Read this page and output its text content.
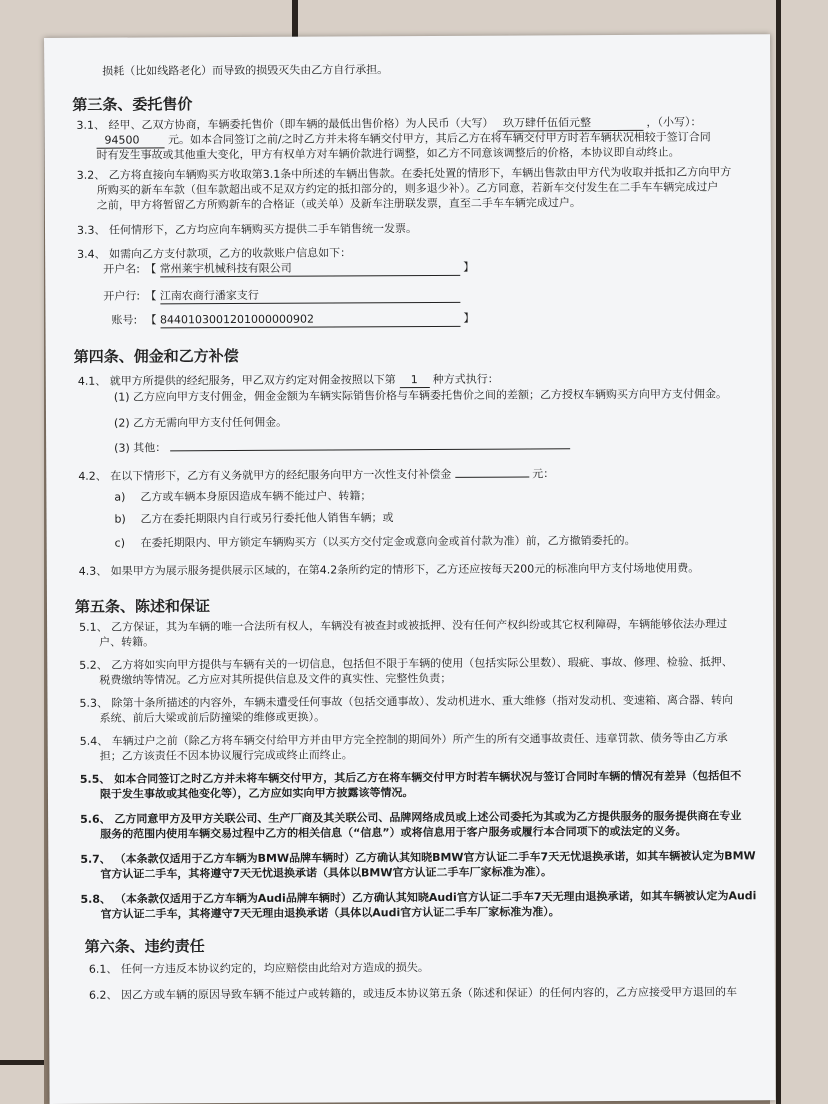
损耗（比如线路老化）而导致的损毁灭失由乙方自行承担。
第三条、委托售价
3.1、 经甲、乙双方协商，车辆委托售价（即车辆的最低出售价格）为人民币（大写） 玖万肆仟伍佰元整	，（小写）：
94500	元。如本合同签订之前/之时乙方并未将车辆交付甲方，其后乙方在将车辆交付甲方时若车辆状况相较于签订合同
时有发生事故或其他重大变化，甲方有权单方对车辆价款进行调整，如乙方不同意该调整后的价格，本协议即自动终止。
3.2、 乙方将直接向车辆购买方收取第3.1条中所述的车辆出售款。在委托处置的情形下，车辆出售款由甲方代为收取并抵扣乙方向甲方
所购买的新车车款（但车款超出或不足双方约定的抵扣部分的，则多退少补）。乙方同意，若新车交付发生在二手车车辆完成过户
之前，甲方将暂留乙方所购新车的合格证（或关单）及新车注册联发票，直至二手车车辆完成过户。
3.3、 任何情形下，乙方均应向车辆购买方提供二手车销售统一发票。
3.4、 如需向乙方支付款项，乙方的收款账户信息如下：
开户名: 【 常州莱宇机械科技有限公司	】
开户行: 【 江南农商行潘家支行
账号: 【 8440103001201000000902	】
第四条、佣金和乙方补偿
4.1、 就甲方所提供的经纪服务，甲乙双方约定对佣金按照以下第 1 种方式执行：
(1) 乙方应向甲方支付佣金，佣金金额为车辆实际销售价格与车辆委托售价之间的差额；乙方授权车辆购买方向甲方支付佣金。
(2) 乙方无需向甲方支付任何佣金。
(3) 其他：
4.2、 在以下情形下，乙方有义务就甲方的经纪服务向甲方一次性支付补偿金	元：
a) 乙方或车辆本身原因造成车辆不能过户、转籍；
b) 乙方在委托期限内自行或另行委托他人销售车辆；或
c) 在委托期限内、甲方锁定车辆购买方（以买方交付定金或意向金或首付款为准）前，乙方撤销委托的。
4.3、 如果甲方为展示服务提供展示区域的，在第4.2条所约定的情形下，乙方还应按每天200元的标准向甲方支付场地使用费。
第五条、陈述和保证
5.1、 乙方保证，其为车辆的唯一合法所有权人，车辆没有被查封或被抵押、没有任何产权纠纷或其它权利障碍，车辆能够依法办理过
户、转籍。
5.2、 乙方将如实向甲方提供与车辆有关的一切信息，包括但不限于车辆的使用（包括实际公里数）、瑕疵、事故、修理、检验、抵押、
税费缴纳等情况。乙方应对其所提供信息及文件的真实性、完整性负责；
5.3、 除第十条所描述的内容外，车辆未遭受任何事故（包括交通事故）、发动机进水、重大维修（指对发动机、变速箱、离合器、转向
系统、前后大梁或前后防撞梁的维修或更换）。
5.4、 车辆过户之前（除乙方将车辆交付给甲方并由甲方完全控制的期间外）所产生的所有交通事故责任、违章罚款、债务等由乙方承
担；乙方该责任不因本协议履行完成或终止而终止。
5.5、 如本合同签订之时乙方并未将车辆交付甲方，其后乙方在将车辆交付甲方时若车辆状况与签订合同时车辆的情况有差异（包括但不
限于发生事故或其他变化等），乙方应如实向甲方披露该等情况。
5.6、 乙方同意甲方及甲方关联公司、生产厂商及其关联公司、品牌网络成员或上述公司委托为其或为乙方提供服务的服务提供商在专业
服务的范围内使用车辆交易过程中乙方的相关信息（“信息”）或将信息用于客户服务或履行本合同项下的或法定的义务。
5.7、 （本条款仅适用于乙方车辆为BMW品牌车辆时）乙方确认其知晓BMW官方认证二手车7天无忧退换承诺，如其车辆被认定为BMW
官方认证二手车，其将遵守7天无忧退换承诺（具体以BMW官方认证二手车厂家标准为准）。
5.8、 （本条款仅适用于乙方车辆为Audi品牌车辆时）乙方确认其知晓Audi官方认证二手车7天无理由退换承诺，如其车辆被认定为Audi
官方认证二手车，其将遵守7天无理由退换承诺（具体以Audi官方认证二手车厂家标准为准）。
第六条、违约责任
6.1、 任何一方违反本协议约定的，均应赔偿由此给对方造成的损失。
6.2、 因乙方或车辆的原因导致车辆不能过户或转籍的，或违反本协议第五条（陈述和保证）的任何内容的，乙方应接受甲方退回的车
